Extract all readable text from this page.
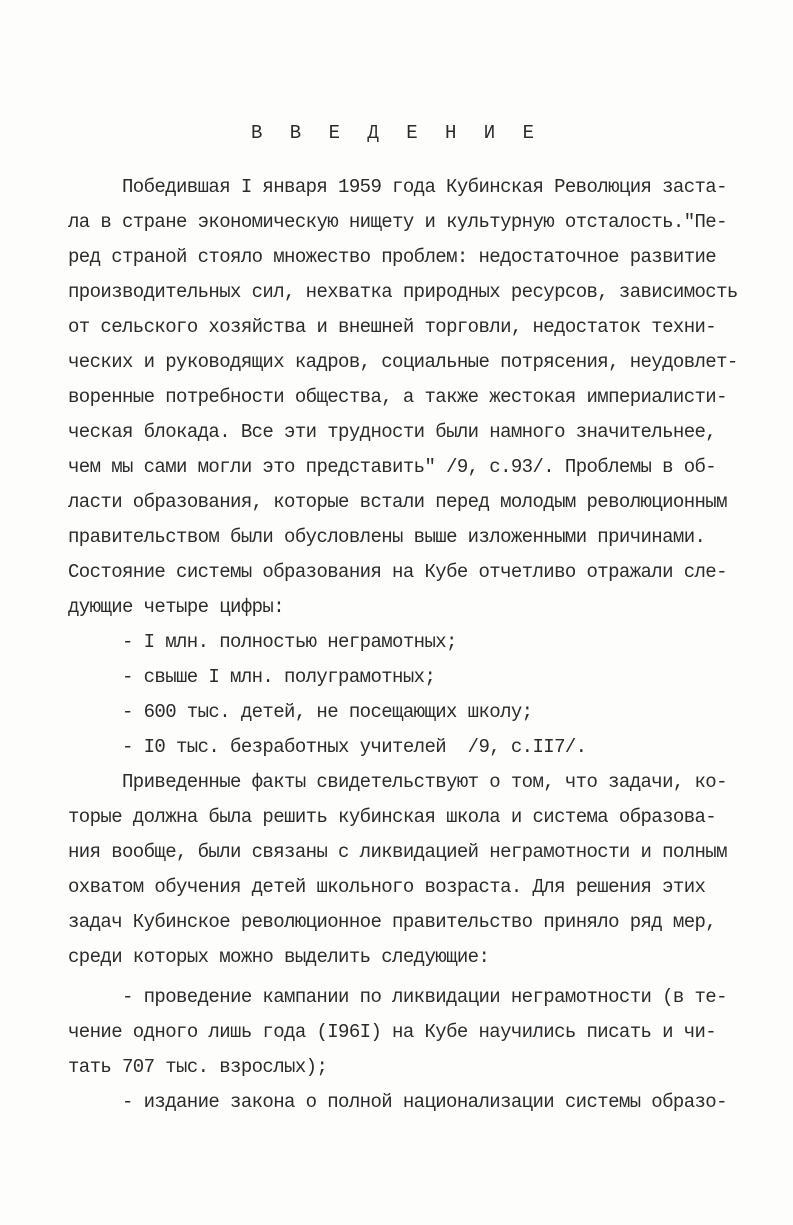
В В Е Д Е Н И Е
Победившая I января 1959 года Кубинская Революция заста-
ла в стране экономическую нищету и культурную отсталость."Пе-
ред страной стояло множество проблем: недостаточное развитие
производительных сил, нехватка природных ресурсов, зависимость
от сельского хозяйства и внешней торговли, недостаток техни-
ческих и руководящих кадров, социальные потрясения, неудовлет-
воренные потребности общества, а также жестокая империалисти-
ческая блокада. Все эти трудности были намного значительнее,
чем мы сами могли это представить" /9, с.93/. Проблемы в об-
ласти образования, которые встали перед молодым революционным
правительством были обусловлены выше изложенными причинами.
Состояние системы образования на Кубе отчетливо отражали сле-
дующие четыре цифры:
- I млн. полностью неграмотных;
- свыше I млн. полуграмотных;
- 600 тыс. детей, не посещающих школу;
- I0 тыс. безработных учителей  /9, с.II7/.
Приведенные факты свидетельствуют о том, что задачи, ко-
торые должна была решить кубинская школа и система образова-
ния вообще, были связаны с ликвидацией неграмотности и полным
охватом обучения детей школьного возраста. Для решения этих
задач Кубинское революционное правительство приняло ряд мер,
среди которых можно выделить следующие:
- проведение кампании по ликвидации неграмотности (в те-
чение одного лишь года (I96I) на Кубе научились писать и чи-
тать 707 тыс. взрослых);
- издание закона о полной национализации системы образо-
